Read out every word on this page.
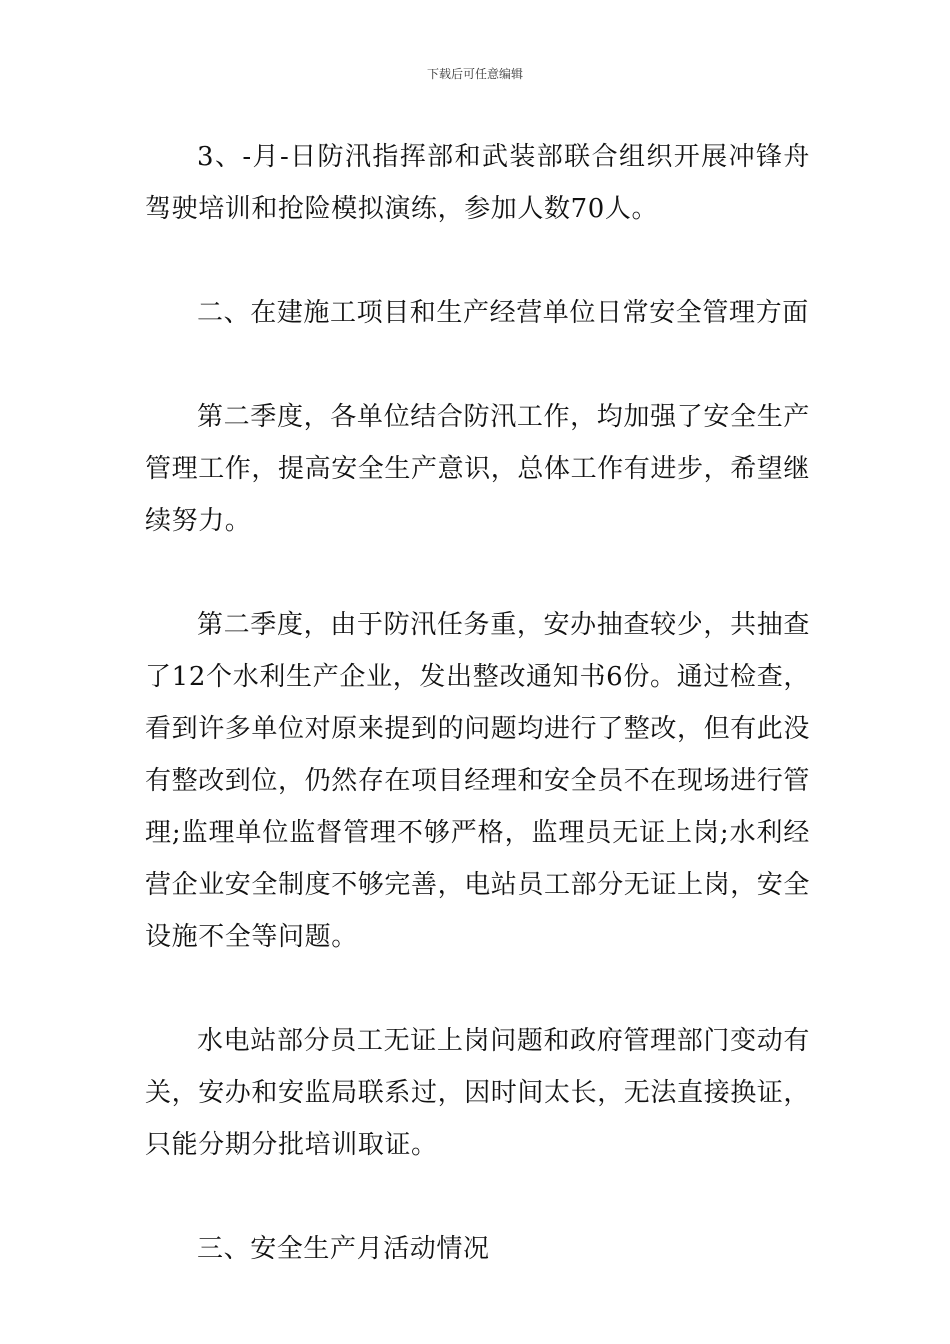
下载后可任意编辑

3、-月-日防汛指挥部和武装部联合组织开展冲锋舟驾驶培训和抢险模拟演练，参加人数70人。

二、在建施工项目和生产经营单位日常安全管理方面

第二季度，各单位结合防汛工作，均加强了安全生产管理工作，提高安全生产意识，总体工作有进步，希望继续努力。

第二季度，由于防汛任务重，安办抽查较少，共抽查了12个水利生产企业，发出整改通知书6份。通过检查，看到许多单位对原来提到的问题均进行了整改，但有此没有整改到位，仍然存在项目经理和安全员不在现场进行管理;监理单位监督管理不够严格，监理员无证上岗;水利经营企业安全制度不够完善，电站员工部分无证上岗，安全设施不全等问题。

水电站部分员工无证上岗问题和政府管理部门变动有关，安办和安监局联系过，因时间太长，无法直接换证，只能分期分批培训取证。

三、安全生产月活动情况
